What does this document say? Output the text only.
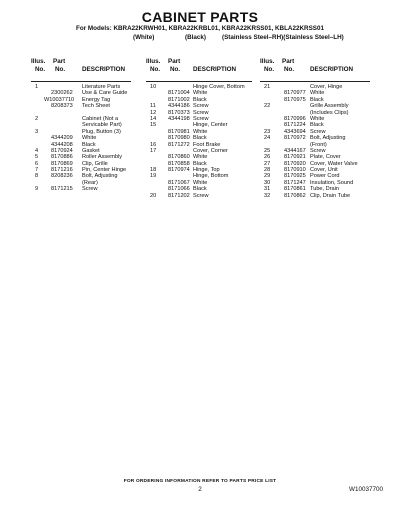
CABINET PARTS
For Models: KBRA22KRWH01, KBRA22KRBL01, KBRA22KRSS01, KBLA22KRSS01
(White)	(Black)	(Stainless Steel–RH)(Stainless Steel–LH)
Illus. Part
No. No.	DESCRIPTION
1	Literature Parts
2300262 Use & Care Guide
W10037710 Energy Tag
8208373 Tech Sheet
2	Cabinet (Not a
Servicable Part)
3	Plug, Button (3)
4344209 White
4344208 Black
4 8170924 Gasket
5 8170886 Roller Assembly
6 8170869 Clip, Grille
7 8171216 Pin, Center Hinge
8 8208236 Bolt, Adjusting
(Rear)
9 8171215 Screw
Illus. Part
No. No. DESCRIPTION
10	Hinge Cover, Bottom
8171004 White
8171002 Black
11 4344186 Screw
12 8170373 Screw
14 4344198 Screw
15	Hinge, Center
8170981 White
8170980 Black
16 8171272 Foot Brake
17	Cover, Corner
8170860 White
8170858 Black
18 8170974 Hinge, Top
19	Hinge, Bottom
8171067 White
8171066 Black
20 8171202 Screw
Illus. Part
No. No.	DESCRIPTION
21	Cover, Hinge
8170977 White
8170975 Black
22	Grille Assembly
(Includes Clips)
8170996 White
8171224 Black
23 4343694 Screw
24 8170972 Bolt, Adjusting
(Front)
25 4344167 Screw
26 8170921 Plate, Cover
27 8170920 Cover, Water Valve
28 8170910 Cover, Unit
29 8170925 Power Cord
30 8171247 Insulation, Sound
31 8170861 Tube, Drain
32 8170862 Clip, Drain Tube
FOR ORDERING INFORMATION REFER TO PARTS PRICE LIST
2	W10037700
